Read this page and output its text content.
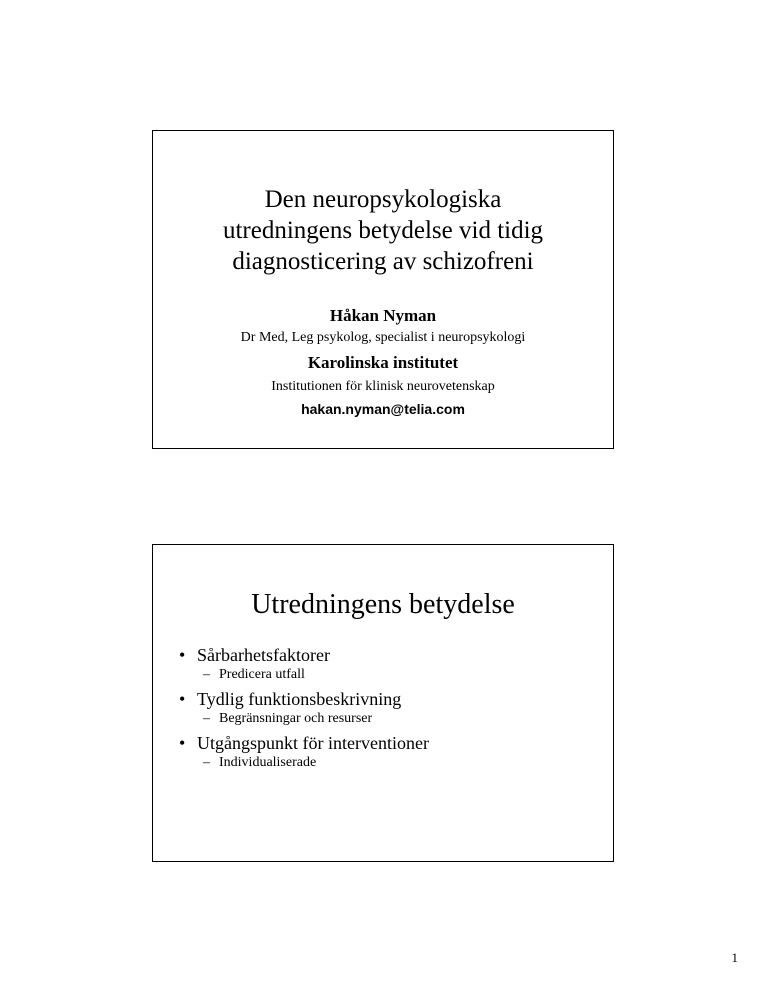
Den neuropsykologiska
utredningens betydelse vid tidig
diagnosticering av schizofreni
Håkan Nyman
Dr Med, Leg psykolog, specialist i neuropsykologi
Karolinska institutet
Institutionen för klinisk neurovetenskap
hakan.nyman@telia.com
Utredningens betydelse
• Sårbarhetsfaktorer
– Predicera utfall
• Tydlig funktionsbeskrivning
– Begränsningar och resurser
• Utgångspunkt för interventioner
– Individualiserade
1
